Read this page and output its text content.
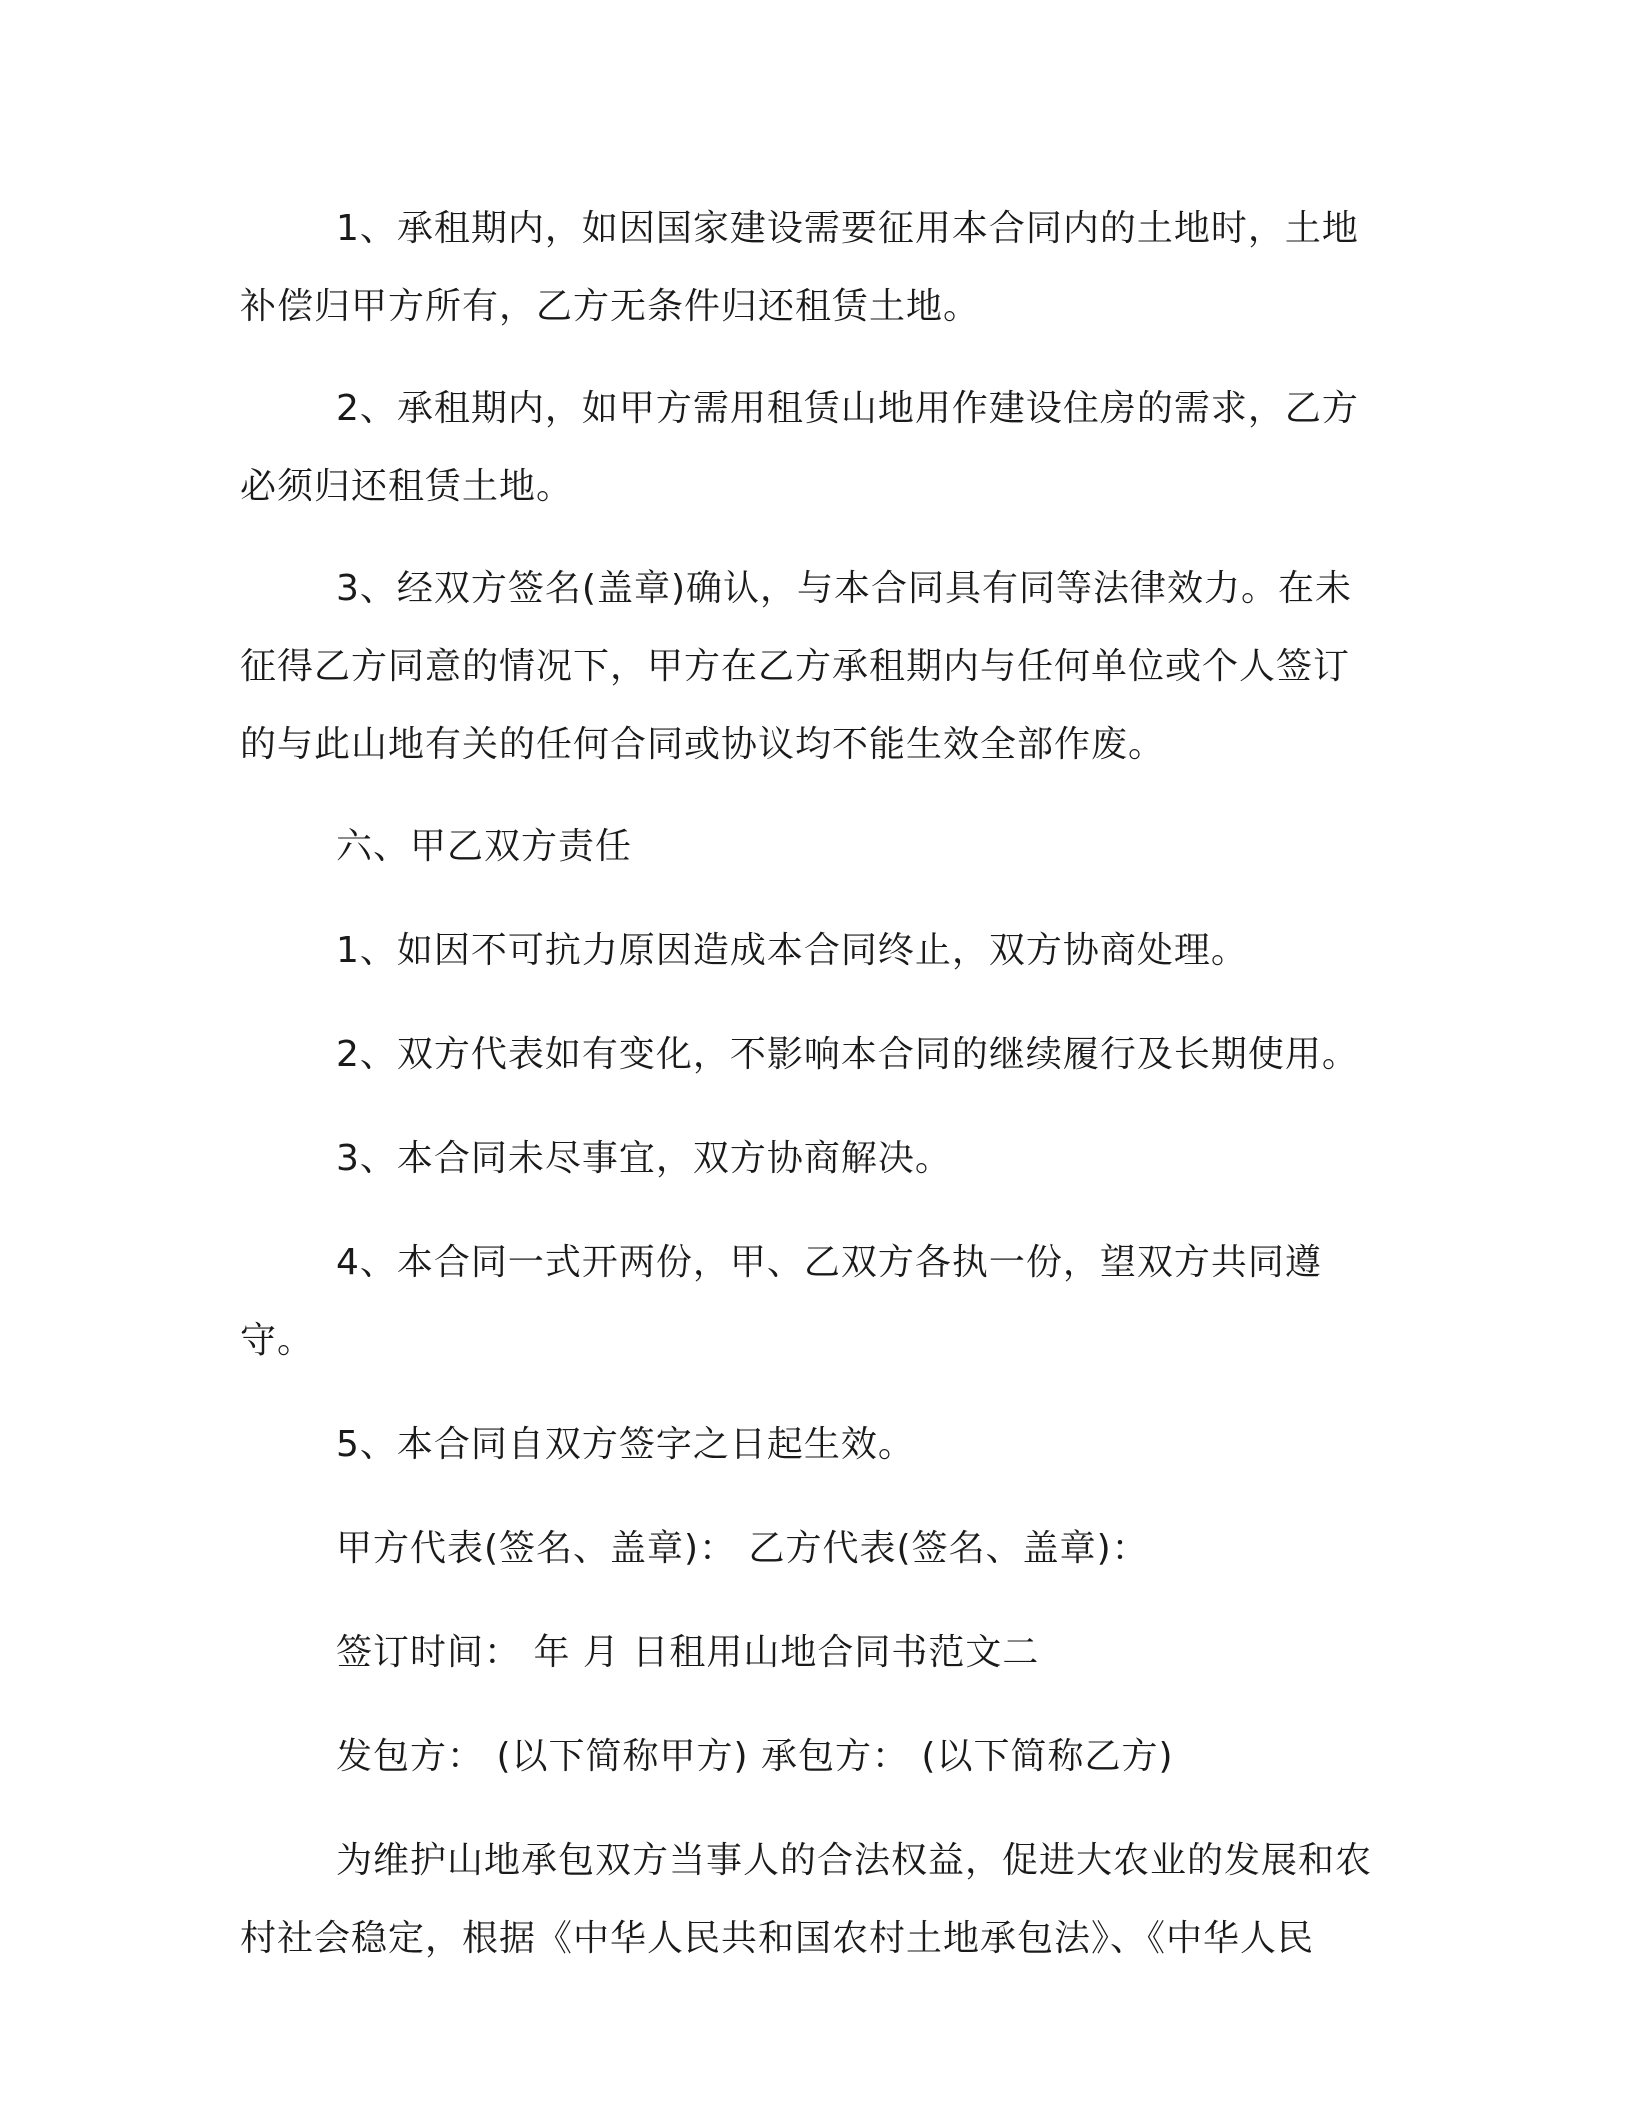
1、承租期内，如因国家建设需要征用本合同内的土地时，土地补偿归甲方所有，乙方无条件归还租赁土地。

2、承租期内，如甲方需用租赁山地用作建设住房的需求，乙方必须归还租赁土地。

3、经双方签名(盖章)确认，与本合同具有同等法律效力。在未征得乙方同意的情况下，甲方在乙方承租期内与任何单位或个人签订的与此山地有关的任何合同或协议均不能生效全部作废。

六、甲乙双方责任

1、如因不可抗力原因造成本合同终止，双方协商处理。

2、双方代表如有变化，不影响本合同的继续履行及长期使用。

3、本合同未尽事宜，双方协商解决。

4、本合同一式开两份，甲、乙双方各执一份，望双方共同遵守。

5、本合同自双方签字之日起生效。

甲方代表(签名、盖章)： 乙方代表(签名、盖章)：

签订时间： 年 月 日租用山地合同书范文二

发包方： (以下简称甲方) 承包方： (以下简称乙方)

为维护山地承包双方当事人的合法权益，促进大农业的发展和农村社会稳定，根据《中华人民共和国农村土地承包法》、《中华人民
